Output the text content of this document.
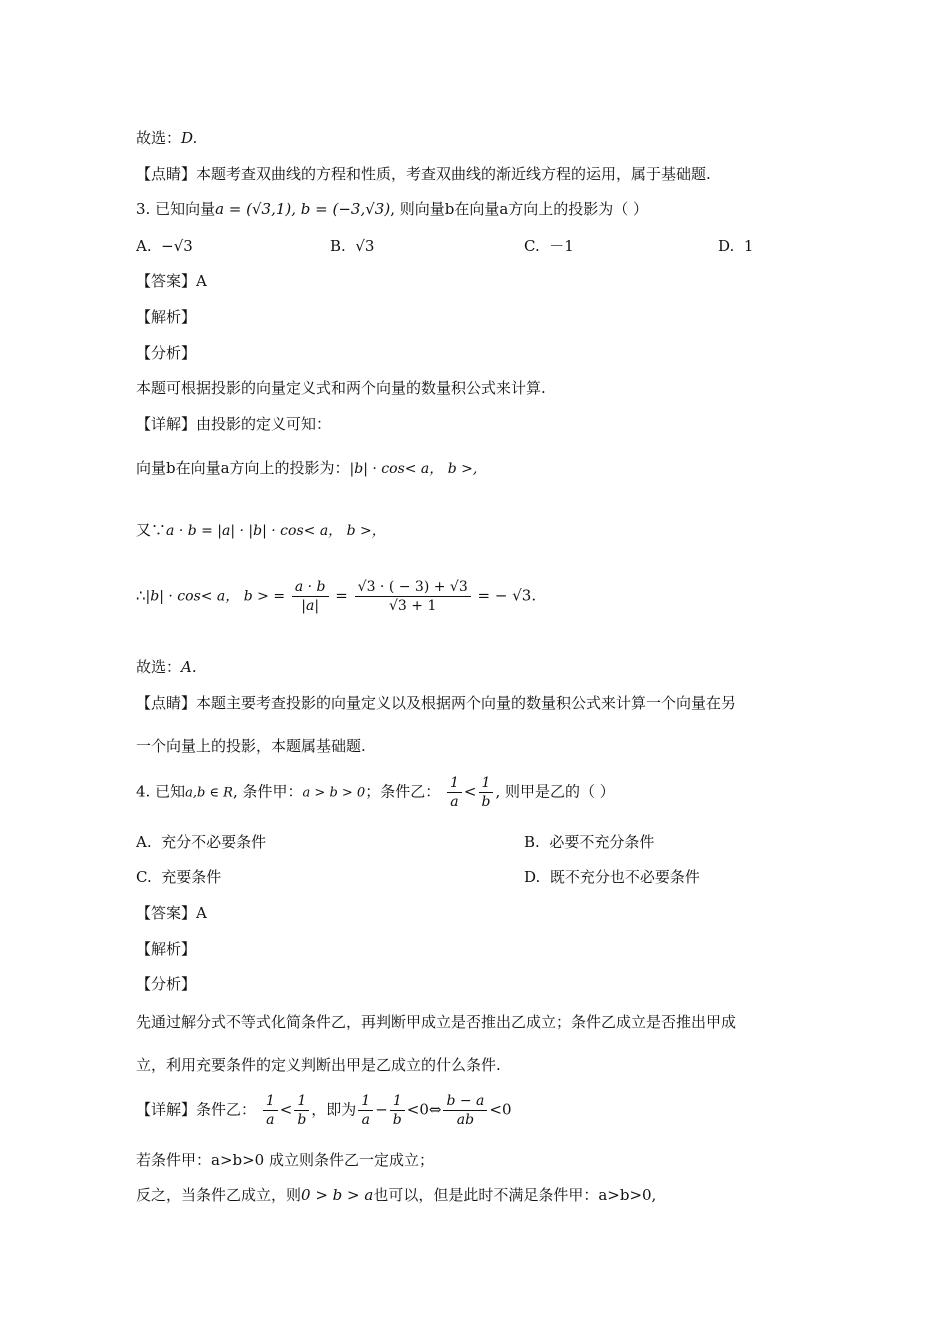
故选：D.
【点睛】本题考查双曲线的方程和性质，考查双曲线的渐近线方程的运用，属于基础题.
3. 已知向量a = (√3,1), b = (−3,√3), 则向量b在向量a方向上的投影为（ ）
A. −√3	B. √3	C. －1	D. 1
【答案】A
【解析】
【分析】
本题可根据投影的向量定义式和两个向量的数量积公式来计算.
【详解】由投影的定义可知：
向量b在向量a方向上的投影为：|b| · cos< a， b >,
又∵a · b = |a| · |b| · cos< a， b >，
∴|b| · cos< a， b > = $\frac{a \cdot b}{|a|} = \frac{√3 \cdot ( - 3) + √3}{√3 + 1}$ = − √3.
故选：A.
【点睛】本题主要考查投影的向量定义以及根据两个向量的数量积公式来计算一个向量在另
一个向量上的投影，本题属基础题.
4. 已知a,b ∈ R, 条件甲：a > b > 0；条件乙： $\frac{1}{a} < \frac{1}{b}$ , 则甲是乙的（ ）
A. 充分不必要条件	B. 必要不充分条件
C. 充要条件	D. 既不充分也不必要条件
【答案】A
【解析】
【分析】
先通过解分式不等式化简条件乙，再判断甲成立是否推出乙成立；条件乙成立是否推出甲成
立，利用充要条件的定义判断出甲是乙成立的什么条件.
【详解】条件乙： $\frac{1}{a} < \frac{1}{b}$ ，即为 $\frac{1}{a} - \frac{1}{b}$ <0⇔ $\frac{b - a}{ab} <0$
若条件甲：a>b>0 成立则条件乙一定成立；
反之，当条件乙成立，则0 > b > a也可以，但是此时不满足条件甲：a>b>0,
